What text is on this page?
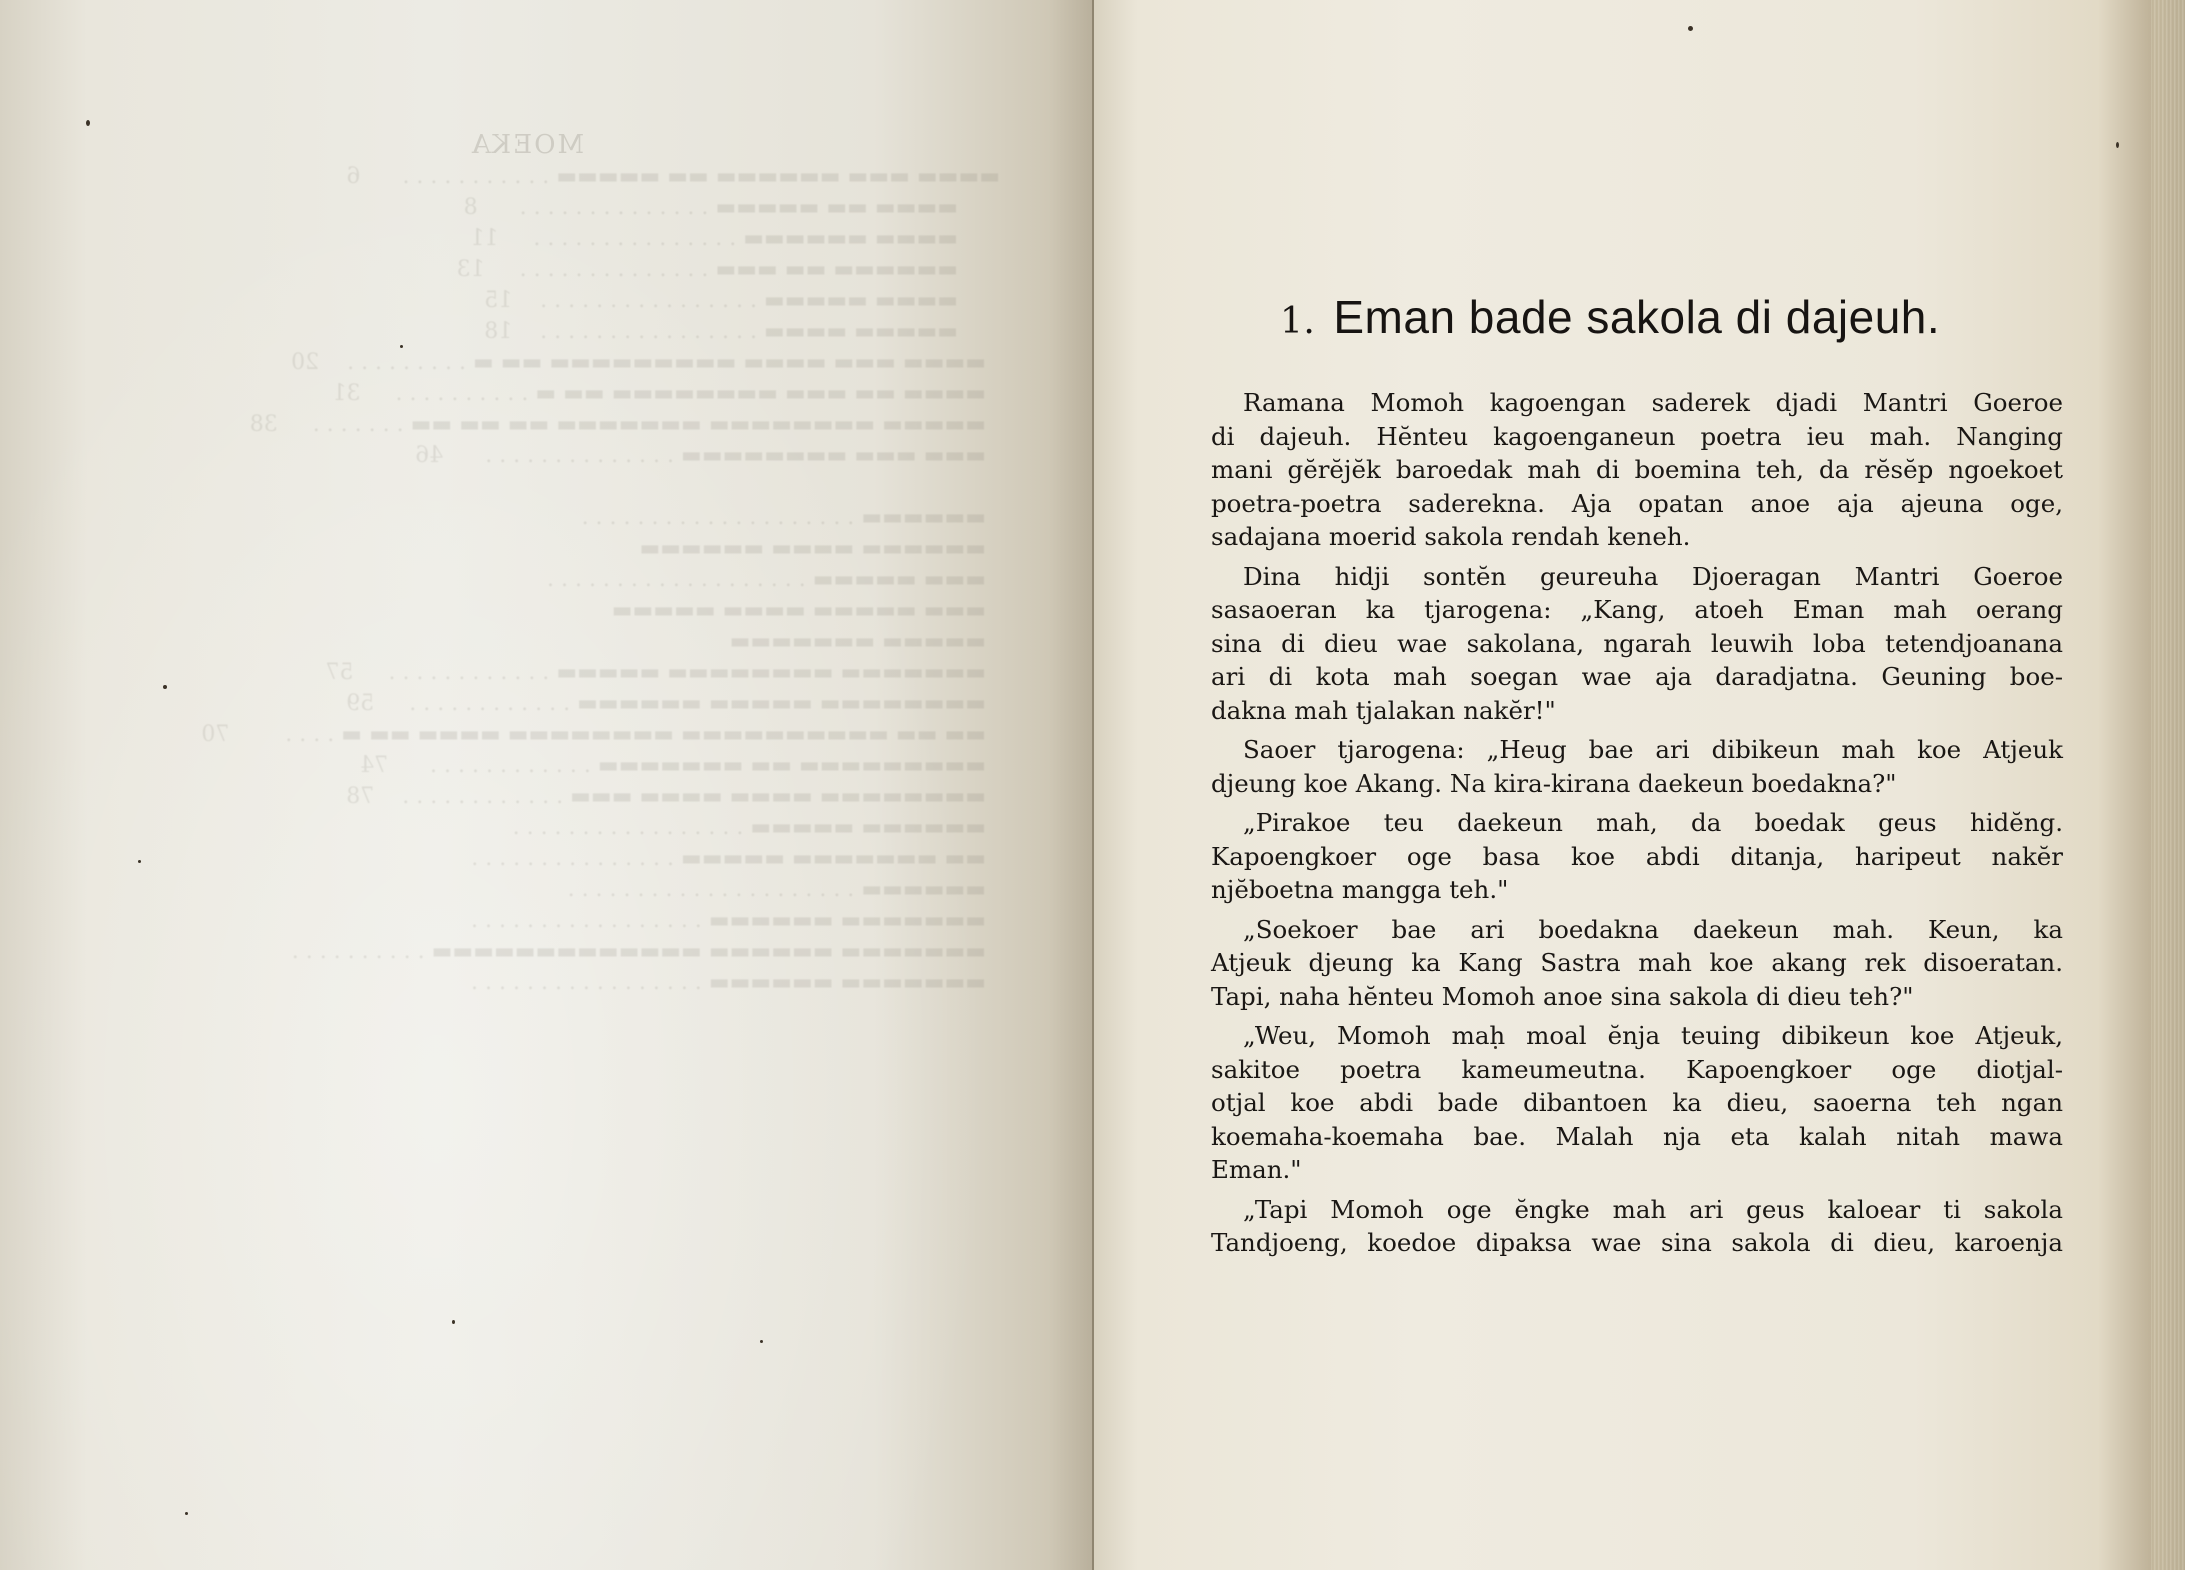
MOEKA

▬▬▬▬ ▬▬▬ ▬▬▬▬▬▬ ▬▬ ▬▬▬▬▬ . . . . . . . . . . .      6
▬▬▬▬ ▬▬ ▬▬▬▬▬ . . . . . . . . . . . . . .      8
▬▬▬▬ ▬▬▬▬▬▬ . . . . . . . . . . . . . . .     11
▬▬▬▬▬▬ ▬▬ ▬▬▬ . . . . . . . . . . . . . .     13
▬▬▬▬ ▬▬▬▬▬ . . . . . . . . . . . . . . . .    15
▬▬▬▬▬ ▬▬▬▬ . . . . . . . . . . . . . . . .    18
▬▬▬▬ ▬▬▬ ▬▬▬▬ ▬▬▬▬▬▬▬▬▬ ▬▬ ▬ . . . . . . . . .    20
▬▬▬▬ ▬▬ ▬▬▬ ▬▬▬▬▬▬▬▬ ▬▬ ▬ . . . . . . . . . .     31
▬▬▬▬▬ ▬▬▬▬▬▬▬▬ ▬▬▬▬▬▬▬ ▬▬ ▬▬ ▬▬ . . . . . . .     38
▬▬▬ ▬▬▬ ▬▬▬▬▬▬▬▬ . . . . . . . . . . . . . .      46

▬▬▬▬▬▬ . . . . . . . . . . . . . . . . . . . .
▬▬▬▬▬▬ ▬▬▬▬ ▬▬▬▬▬▬
▬▬▬ ▬▬▬▬▬ . . . . . . . . . . . . . . . . . . .
▬▬▬ ▬▬▬▬▬ ▬▬▬▬ ▬▬▬▬▬
▬▬▬▬▬ ▬▬▬▬▬▬▬
▬▬▬▬▬▬▬ ▬▬▬▬▬▬▬▬ ▬▬▬▬▬ . . . . . . . . . . . .     57
▬▬▬▬▬▬▬▬ ▬▬▬▬▬ ▬▬▬▬▬▬ . . . . . . . . . . . .     59
▬▬ ▬▬ ▬▬▬▬▬▬▬▬▬▬ ▬▬▬▬▬▬▬▬ ▬▬▬▬ ▬▬ ▬ . . . .        70
▬▬▬▬▬▬▬▬▬ ▬▬ ▬▬▬▬▬▬▬ . . . . . . . . . . . .      74
▬▬▬▬▬▬▬▬ ▬▬▬▬ ▬▬▬▬ ▬▬▬ . . . . . . . . . . . .    78
▬▬▬▬▬▬ ▬▬▬▬▬ . . . . . . . . . . . . . . . . .
▬▬ ▬▬▬▬▬▬▬ ▬▬▬▬▬ . . . . . . . . . . . . . . .
▬▬▬▬▬▬ . . . . . . . . . . . . . . . . . . . . .
▬▬▬▬▬▬▬ ▬▬▬▬▬▬ . . . . . . . . . . . . . . . . .
▬▬▬▬▬▬▬ ▬▬▬▬▬▬ ▬▬▬▬▬▬▬▬▬▬▬▬▬ . . . . . . . . . .
▬▬▬▬▬▬▬ ▬▬▬▬▬▬ . . . . . . . . . . . . . . . . .

1. Eman bade sakola di dajeuh.
Ramana Momoh kagoengan saderek djadi Mantri Goeroe
di dajeuh. Hĕnteu kagoenganeun poetra ieu mah. Nanging
mani gĕrĕjĕk baroedak mah di boemina teh, da rĕsĕp ngoekoet
poetra-poetra saderekna. Aja opatan anoe aja ajeuna oge,
sadajana moerid sakola rendah keneh.
Dina hidji sontĕn geureuha Djoeragan Mantri Goeroe
sasaoeran ka tjarogena: „Kang, atoeh Eman mah oerang
sina di dieu wae sakolana, ngarah leuwih loba tetendjoanana
ari di kota mah soegan wae aja daradjatna. Geuning boe-
dakna mah tjalakan nakĕr!"
Saoer tjarogena: „Heug bae ari dibikeun mah koe Atjeuk
djeung koe Akang. Na kira-kirana daekeun boedakna?"
„Pirakoe teu daekeun mah, da boedak geus hidĕng.
Kapoengkoer oge basa koe abdi ditanja, haripeut nakĕr
njĕboetna mangga teh."
„Soekoer bae ari boedakna daekeun mah. Keun, ka
Atjeuk djeung ka Kang Sastra mah koe akang rek disoeratan.
Tapi, naha hĕnteu Momoh anoe sina sakola di dieu teh?"
„Weu, Momoh mah moal ĕnja teuing dibikeun koe Atjeuk,
sakitoe poetra kameumeutna. Kapoengkoer oge diotjal-
otjal koe abdi bade dibantoen ka dieu, saoerna teh ngan
koemaha-koemaha bae. Malah nja eta kalah nitah mawa
Eman."
„Tapi Momoh oge ĕngke mah ari geus kaloear ti sakola
Tandjoeng, koedoe dipaksa wae sina sakola di dieu, karoenja
